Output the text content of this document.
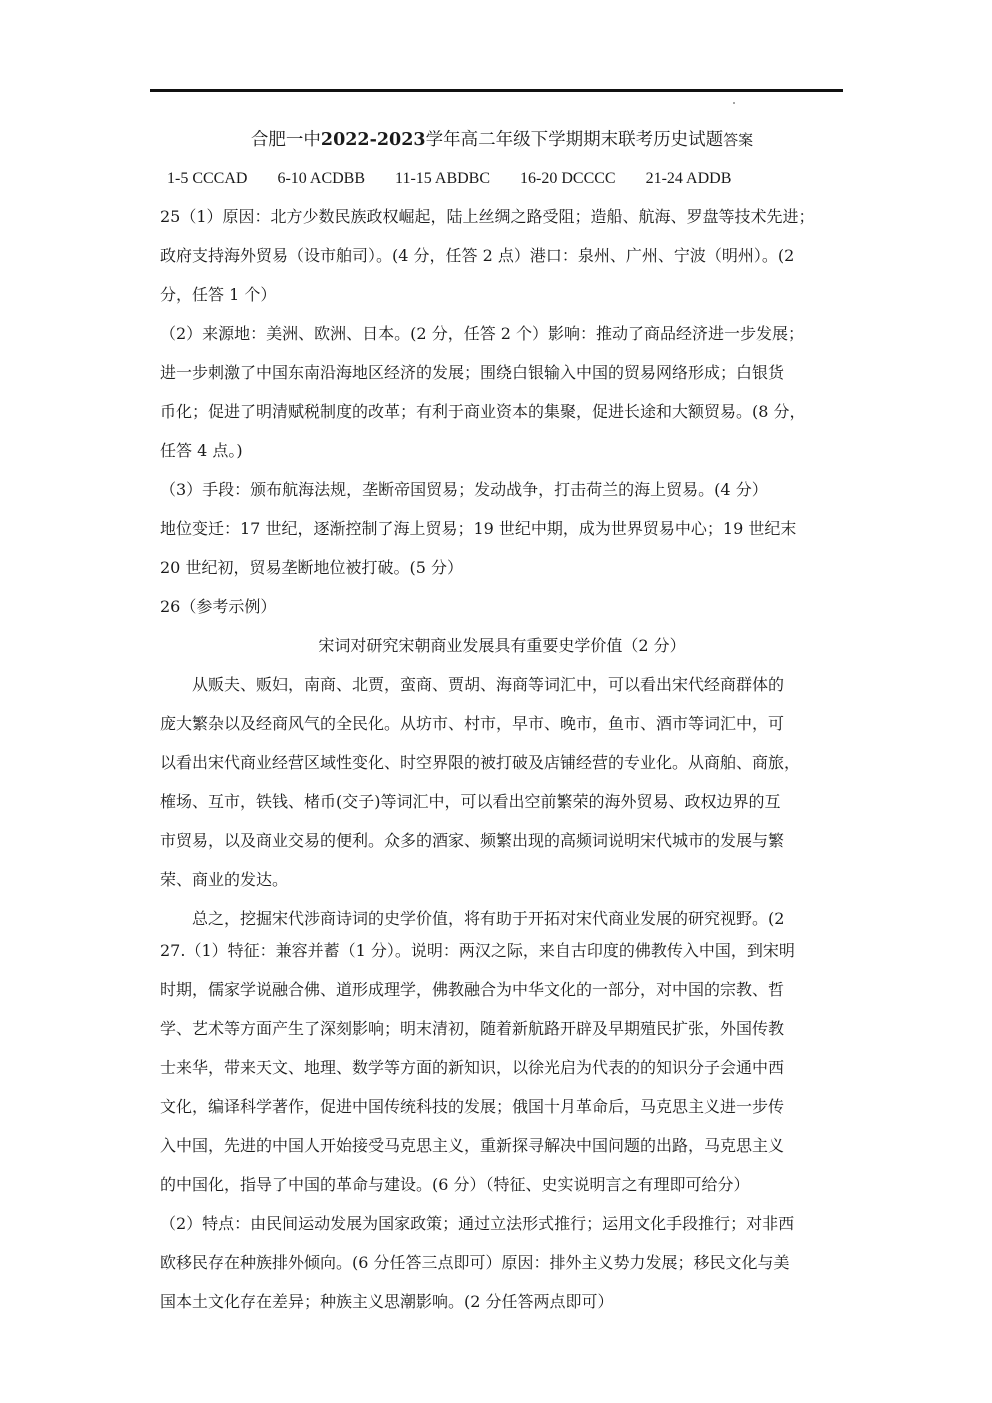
合肥一中2022-2023学年高二年级下学期期末联考历史试题答案
1-5 CCCAD 6-10 ACDBB 11-15 ABDBC 16-20 DCCCC 21-24 ADDB
25（1）原因：北方少数民族政权崛起，陆上丝绸之路受阻；造船、航海、罗盘等技术先进；
政府支持海外贸易（设市舶司）。(4 分，任答 2 点）港口：泉州、广州、宁波（明州）。(2
分，任答 1 个）
（2）来源地：美洲、欧洲、日本。(2 分，任答 2 个）影响：推动了商品经济进一步发展；
进一步刺激了中国东南沿海地区经济的发展；围绕白银输入中国的贸易网络形成；白银货
币化；促进了明清赋税制度的改革；有利于商业资本的集聚，促进长途和大额贸易。(8 分，
任答 4 点。)
（3）手段：颁布航海法规，垄断帝国贸易；发动战争，打击荷兰的海上贸易。(4 分）
地位变迁：17 世纪，逐渐控制了海上贸易；19 世纪中期，成为世界贸易中心；19 世纪末
20 世纪初，贸易垄断地位被打破。(5 分）
26（参考示例）
宋词对研究宋朝商业发展具有重要史学价值（2 分）
从贩夫、贩妇，南商、北贾，蛮商、贾胡、海商等词汇中，可以看出宋代经商群体的
庞大繁杂以及经商风气的全民化。从坊市、村市，早市、晚市，鱼市、酒市等词汇中，可
以看出宋代商业经营区域性变化、时空界限的被打破及店铺经营的专业化。从商舶、商旅，
榷场、互市，铁钱、楮币(交子)等词汇中，可以看出空前繁荣的海外贸易、政权边界的互
市贸易，以及商业交易的便利。众多的酒家、频繁出现的高频词说明宋代城市的发展与繁
荣、商业的发达。
总之，挖掘宋代涉商诗词的史学价值，将有助于开拓对宋代商业发展的研究视野。(2
27.（1）特征：兼容并蓄（1 分）。说明：两汉之际，来自古印度的佛教传入中国，到宋明
时期，儒家学说融合佛、道形成理学，佛教融合为中华文化的一部分，对中国的宗教、哲
学、艺术等方面产生了深刻影响；明末清初，随着新航路开辟及早期殖民扩张，外国传教
士来华，带来天文、地理、数学等方面的新知识，以徐光启为代表的的知识分子会通中西
文化，编译科学著作，促进中国传统科技的发展；俄国十月革命后，马克思主义进一步传
入中国，先进的中国人开始接受马克思主义，重新探寻解决中国问题的出路，马克思主义
的中国化，指导了中国的革命与建设。(6 分）（特征、史实说明言之有理即可给分）
（2）特点：由民间运动发展为国家政策；通过立法形式推行；运用文化手段推行；对非西
欧移民存在种族排外倾向。(6 分任答三点即可）原因：排外主义势力发展；移民文化与美
国本土文化存在差异；种族主义思潮影响。(2 分任答两点即可）
